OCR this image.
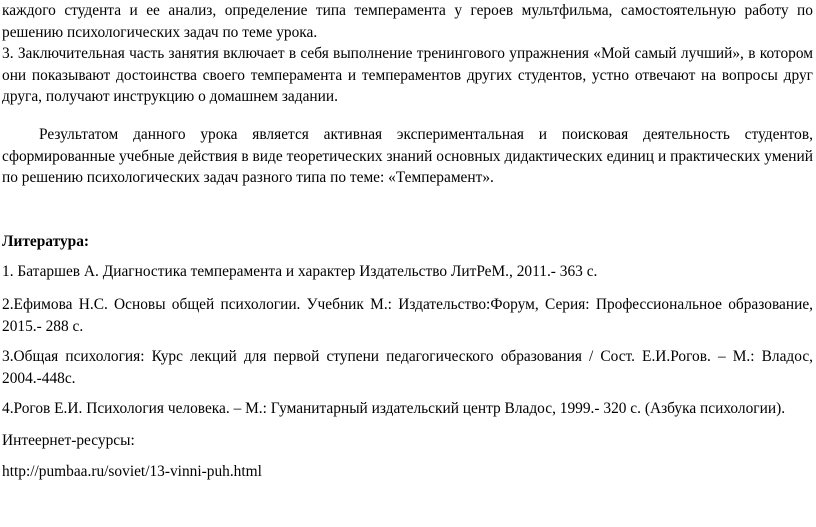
каждого студента и ее анализ, определение типа темперамента у героев мультфильма, самостоятельную работу по решению психологических задач по теме урока.

3. Заключительная часть занятия включает в себя выполнение тренингового упражнения «Мой самый лучший», в котором они показывают достоинства своего темперамента и темпераментов других студентов, устно отвечают на вопросы друг друга, получают инструкцию о домашнем задании.

Результатом данного урока является активная экспериментальная и поисковая деятельность студентов, сформированные учебные действия в виде теоретических знаний основных дидактических единиц и практических умений по решению психологических задач разного типа по теме: «Темперамент».

Литература:

1. Батаршев А. Диагностика темперамента и характер Издательство ЛитРеМ., 2011.- 363 с.

2.Ефимова Н.С. Основы общей психологии. Учебник М.: Издательство:Форум, Серия: Профессиональное образование, 2015.- 288 с.

3.Общая психология: Курс лекций для первой ступени педагогического образования / Сост. Е.И.Рогов. – М.: Владос, 2004.-448с.

4.Рогов Е.И. Психология человека. – М.: Гуманитарный издательский центр Владос, 1999.- 320 с. (Азбука психологии).

Интеернет-ресурсы:

http://pumbaa.ru/soviet/13-vinni-puh.html
